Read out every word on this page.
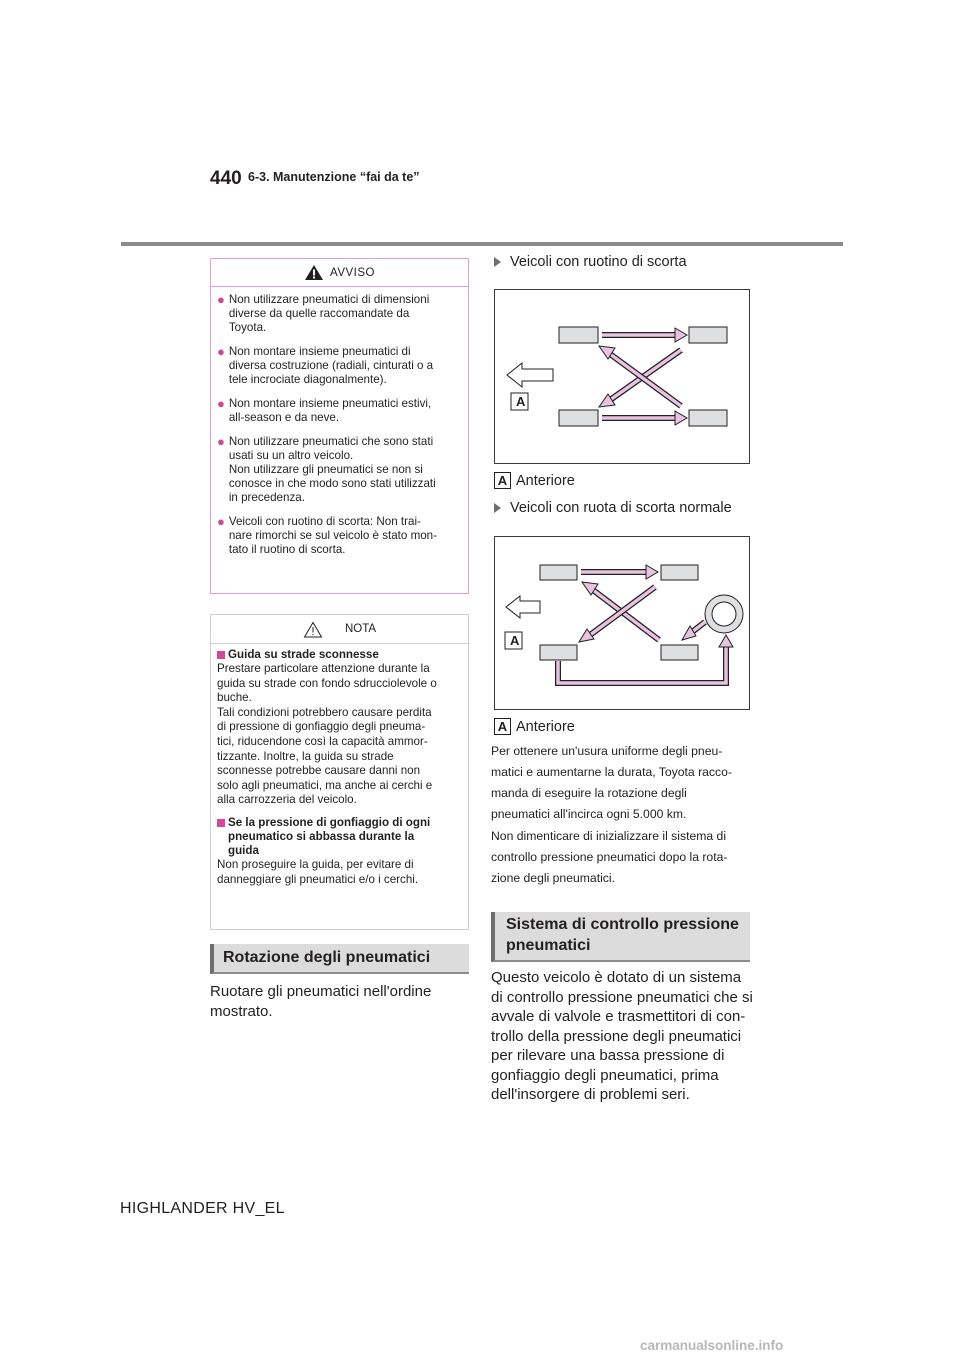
440 6-3. Manutenzione “fai da te”
AVVISO
● Non utilizzare pneumatici di dimensioni
diverse da quelle raccomandate da
Toyota.
● Non montare insieme pneumatici di
diversa costruzione (radiali, cinturati o a
tele incrociate diagonalmente).
● Non montare insieme pneumatici estivi,
all-season e da neve.
● Non utilizzare pneumatici che sono stati
usati su un altro veicolo.
Non utilizzare gli pneumatici se non si
conosce in che modo sono stati utilizzati
in precedenza.
● Veicoli con ruotino di scorta: Non trai-
nare rimorchi se sul veicolo è stato mon-
tato il ruotino di scorta.
NOTA
Guida su strade sconnesse
Prestare particolare attenzione durante la
guida su strade con fondo sdrucciolevole o
buche.
Tali condizioni potrebbero causare perdita
di pressione di gonfiaggio degli pneuma-
tici, riducendone così la capacità ammor-
tizzante. Inoltre, la guida su strade
sconnesse potrebbe causare danni non
solo agli pneumatici, ma anche ai cerchi e
alla carrozzeria del veicolo.
Se la pressione di gonfiaggio di ogni
pneumatico si abbassa durante la
guida
Non proseguire la guida, per evitare di
danneggiare gli pneumatici e/o i cerchi.
Rotazione degli pneumatici
Ruotare gli pneumatici nell'ordine
mostrato.
Veicoli con ruotino di scorta
A
A Anteriore
Veicoli con ruota di scorta normale
A
A Anteriore
Per ottenere un'usura uniforme degli pneu-
matici e aumentarne la durata, Toyota racco-
manda di eseguire la rotazione degli
pneumatici all'incirca ogni 5.000 km.
Non dimenticare di inizializzare il sistema di
controllo pressione pneumatici dopo la rota-
zione degli pneumatici.
Sistema di controllo pressione
pneumatici
Questo veicolo è dotato di un sistema
di controllo pressione pneumatici che si
avvale di valvole e trasmettitori di con-
trollo della pressione degli pneumatici
per rilevare una bassa pressione di
gonfiaggio degli pneumatici, prima
dell'insorgere di problemi seri.
HIGHLANDER HV_EL
carmanualsonline.info
